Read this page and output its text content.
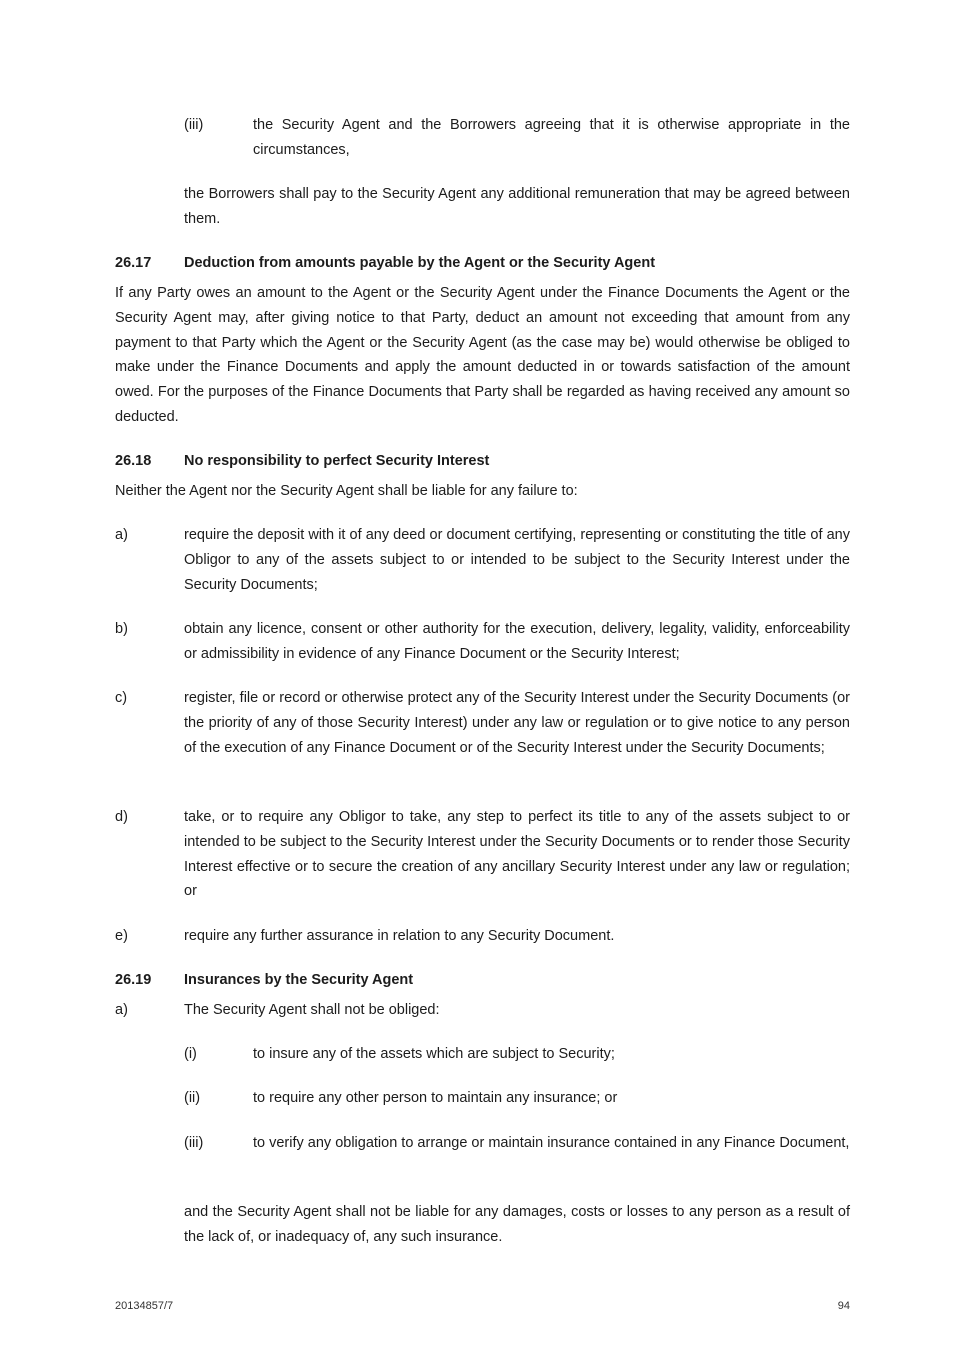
(iii)	the Security Agent and the Borrowers agreeing that it is otherwise appropriate in the circumstances,
the Borrowers shall pay to the Security Agent any additional remuneration that may be agreed between them.
26.17 Deduction from amounts payable by the Agent or the Security Agent
If any Party owes an amount to the Agent or the Security Agent under the Finance Documents the Agent or the Security Agent may, after giving notice to that Party, deduct an amount not exceeding that amount from any payment to that Party which the Agent or the Security Agent (as the case may be) would otherwise be obliged to make under the Finance Documents and apply the amount deducted in or towards satisfaction of the amount owed. For the purposes of the Finance Documents that Party shall be regarded as having received any amount so deducted.
26.18 No responsibility to perfect Security Interest
Neither the Agent nor the Security Agent shall be liable for any failure to:
a)	require the deposit with it of any deed or document certifying, representing or constituting the title of any Obligor to any of the assets subject to or intended to be subject to the Security Interest under the Security Documents;
b)	obtain any licence, consent or other authority for the execution, delivery, legality, validity, enforceability or admissibility in evidence of any Finance Document or the Security Interest;
c)	register, file or record or otherwise protect any of the Security Interest under the Security Documents (or the priority of any of those Security Interest) under any law or regulation or to give notice to any person of the execution of any Finance Document or of the Security Interest under the Security Documents;
d)	take, or to require any Obligor to take, any step to perfect its title to any of the assets subject to or intended to be subject to the Security Interest under the Security Documents or to render those Security Interest effective or to secure the creation of any ancillary Security Interest under any law or regulation; or
e)	require any further assurance in relation to any Security Document.
26.19 Insurances by the Security Agent
a)	The Security Agent shall not be obliged:
(i)	to insure any of the assets which are subject to Security;
(ii)	to require any other person to maintain any insurance; or
(iii)	to verify any obligation to arrange or maintain insurance contained in any Finance Document,
and the Security Agent shall not be liable for any damages, costs or losses to any person as a result of the lack of, or inadequacy of, any such insurance.
20134857/7	94
